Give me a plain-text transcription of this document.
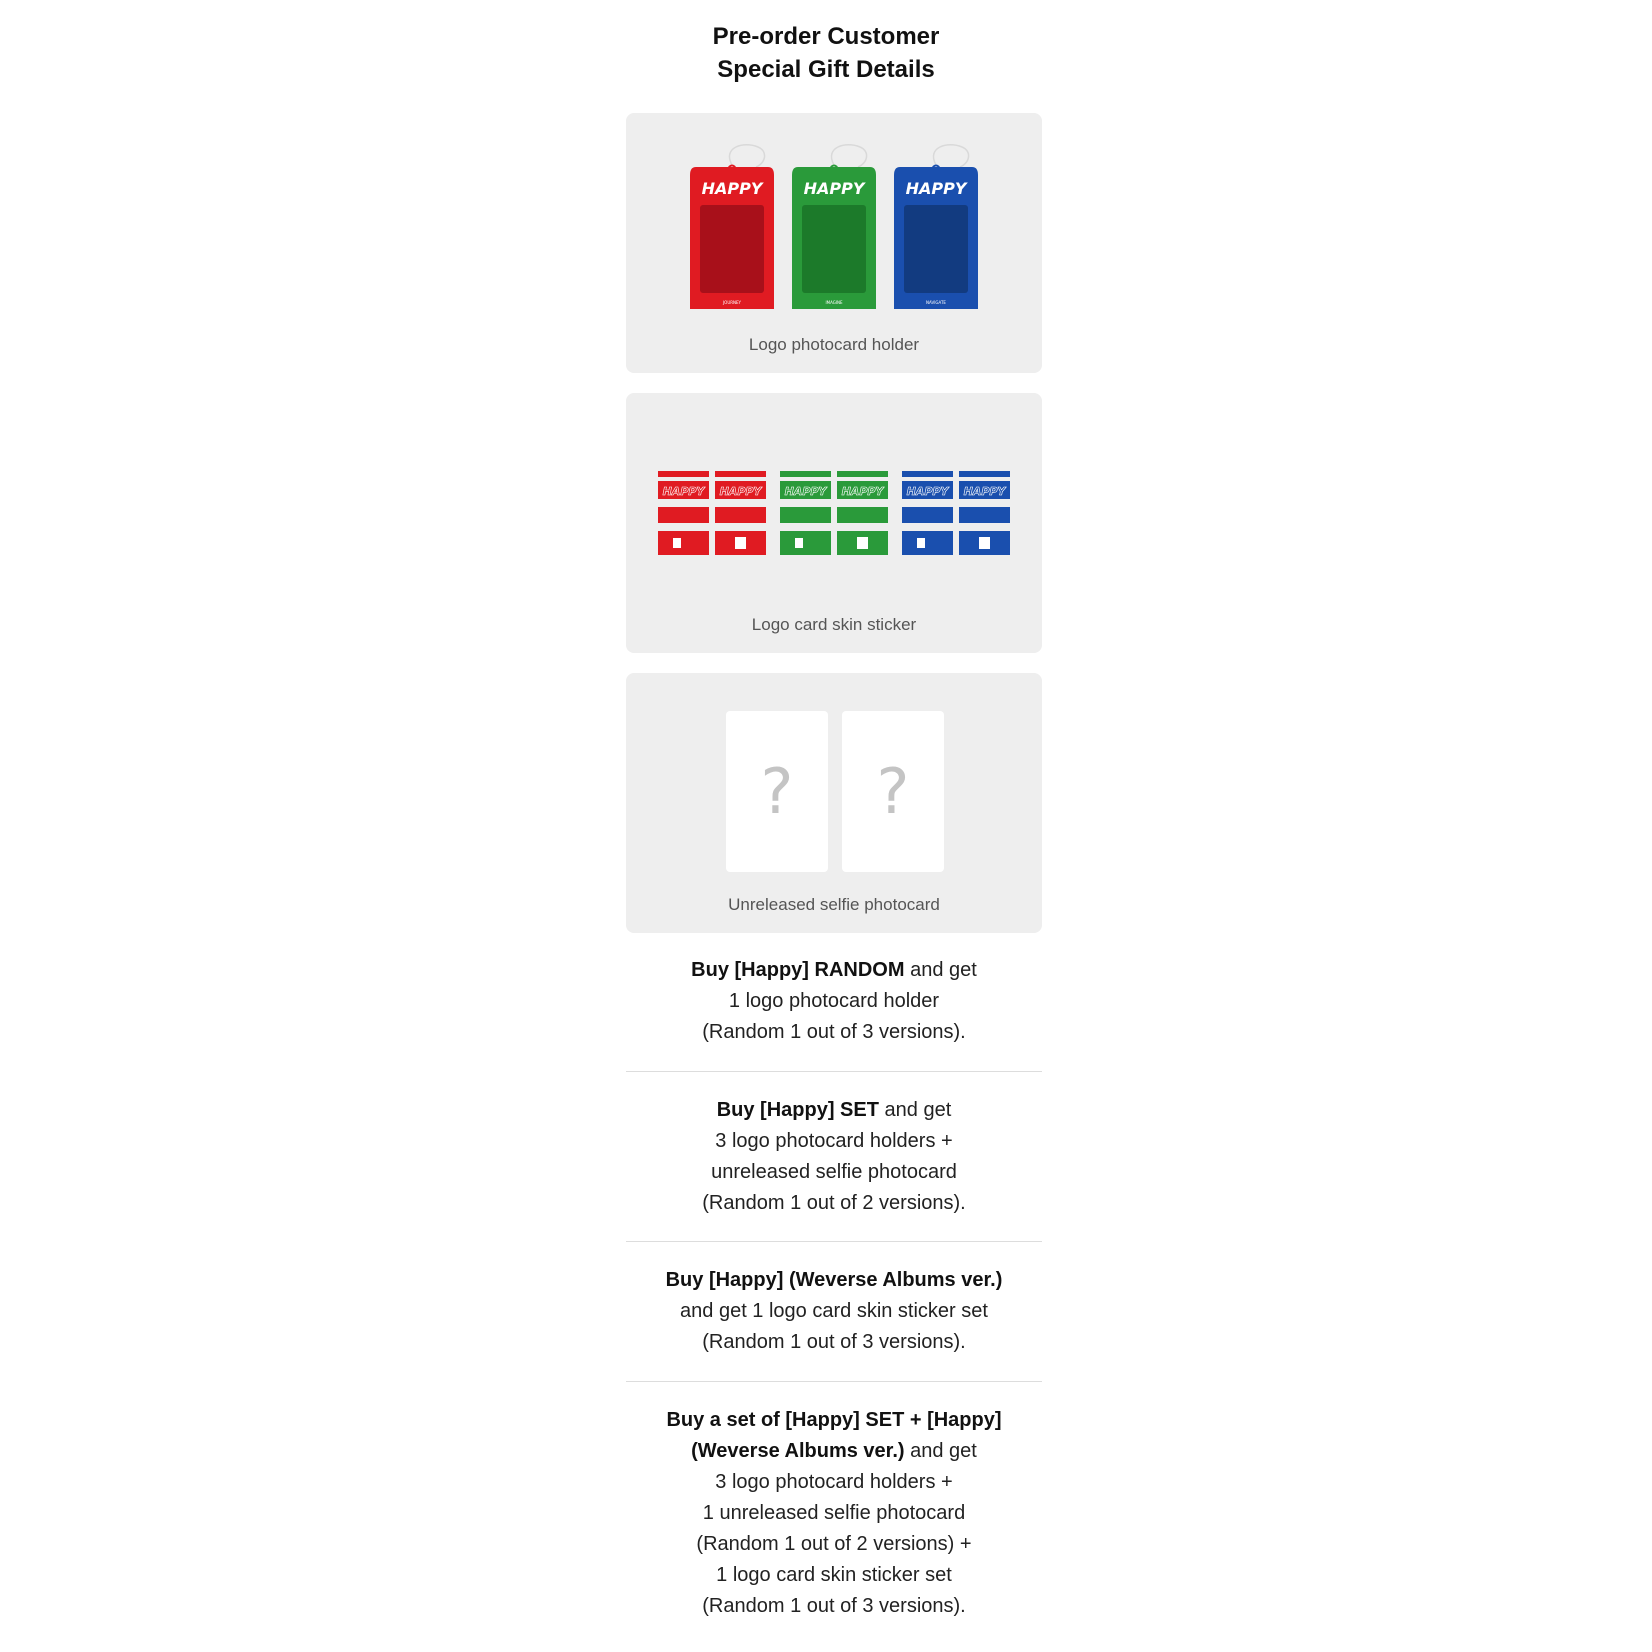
Pre-order Customer
Special Gift Details
HAPPY
JOURNEY
HAPPY
IMAGINE
HAPPY
NAVIGATE
Logo photocard holder
HAPPY HAPPY HAPPY HAPPY HAPPY HAPPY
Logo card skin sticker
? ?
Unreleased selfie photocard
Buy [Happy] RANDOM and get
1 logo photocard holder
(Random 1 out of 3 versions).
Buy [Happy] SET and get
3 logo photocard holders +
unreleased selfie photocard
(Random 1 out of 2 versions).
Buy [Happy] (Weverse Albums ver.)
and get 1 logo card skin sticker set
(Random 1 out of 3 versions).
Buy a set of [Happy] SET + [Happy]
(Weverse Albums ver.) and get
3 logo photocard holders +
1 unreleased selfie photocard
(Random 1 out of 2 versions) +
1 logo card skin sticker set
(Random 1 out of 3 versions).
